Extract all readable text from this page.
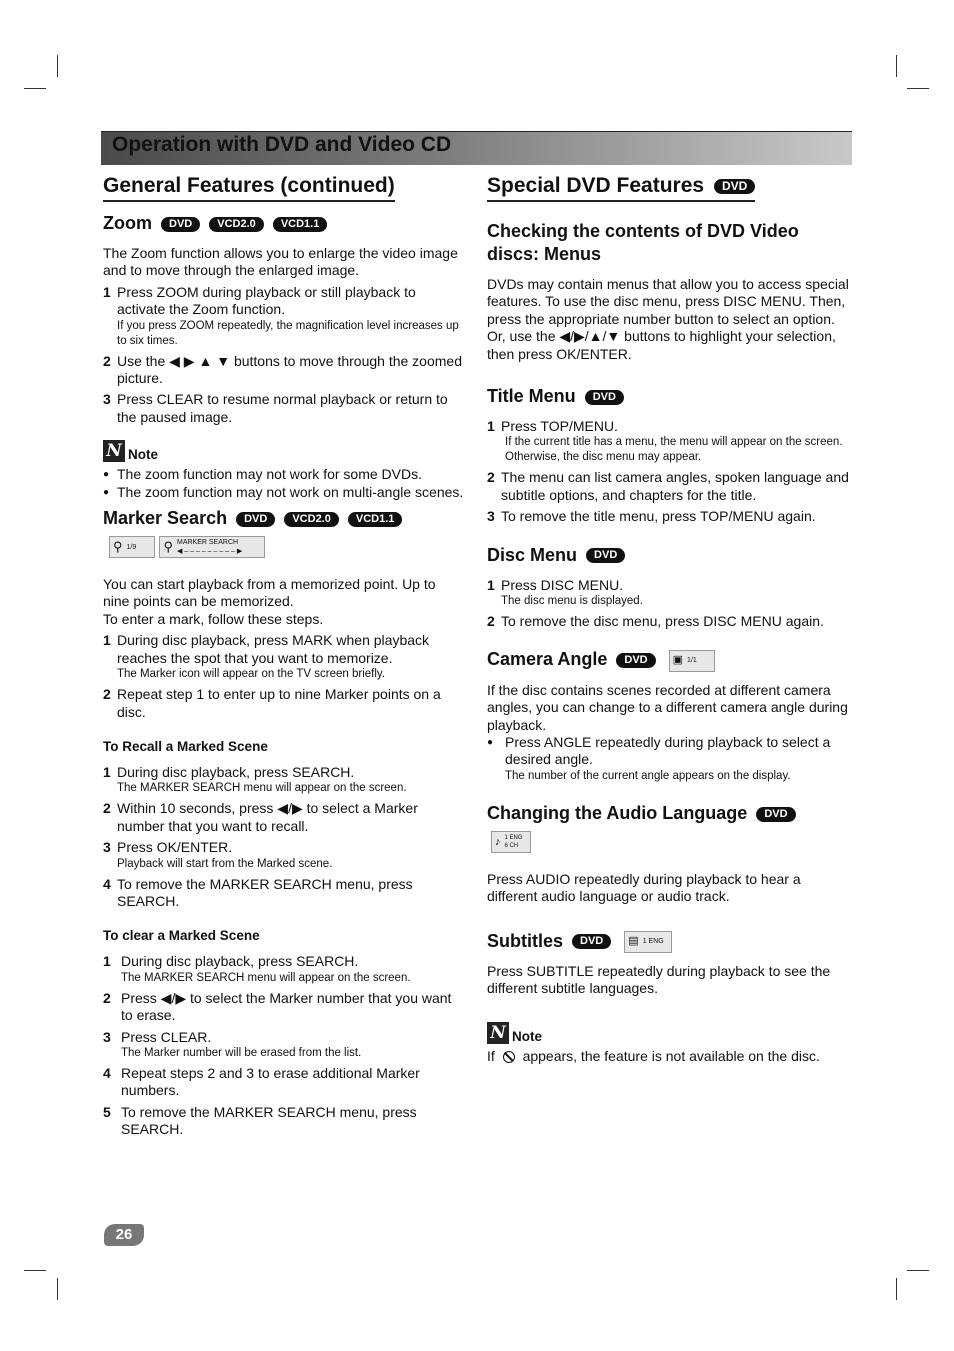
Operation with DVD and Video CD
General Features (continued)
Zoom DVD VCD2.0 VCD1.1

The Zoom function allows you to enlarge the video image and to move through the enlarged image.

1 Press ZOOM during playback or still playback to activate the Zoom function.
If you press ZOOM repeatedly, the magnification level increases up to six times.
2 Use the ◀ ▶ ▲ ▼ buttons to move through the zoomed picture.
3 Press CLEAR to resume normal playback or return to the paused image.
N Note
● The zoom function may not work for some DVDs.
● The zoom function may not work on multi-angle scenes.
Marker Search DVD VCD2.0 VCD1.1
⚲ 1/9
⚲ MARKER SEARCH
◀ – – – – – – – – – ▶

You can start playback from a memorized point. Up to nine points can be memorized.

To enter a mark, follow these steps.

1 During disc playback, press MARK when playback reaches the spot that you want to memorize.
The Marker icon will appear on the TV screen briefly.
2 Repeat step 1 to enter up to nine Marker points on a disc.
To Recall a Marked Scene
1 During disc playback, press SEARCH.
The MARKER SEARCH menu will appear on the screen.
2 Within 10 seconds, press ◀/▶ to select a Marker number that you want to recall.
3 Press OK/ENTER.
Playback will start from the Marked scene.
4 To remove the MARKER SEARCH menu, press SEARCH.
To clear a Marked Scene
1 During disc playback, press SEARCH.
The MARKER SEARCH menu will appear on the screen.
2 Press ◀/▶ to select the Marker number that you want to erase.
3 Press CLEAR.
The Marker number will be erased from the list.
4 Repeat steps 2 and 3 to erase additional Marker numbers.
5 To remove the MARKER SEARCH menu, press SEARCH.
Special DVD Features DVD
Checking the contents of DVD Video discs: Menus

DVDs may contain menus that allow you to access special features. To use the disc menu, press DISC MENU. Then, press the appropriate number button to select an option. Or, use the ◀/▶/▲/▼ buttons to highlight your selection, then press OK/ENTER.

Title Menu DVD
1 Press TOP/MENU.
If the current title has a menu, the menu will appear on the screen. Otherwise, the disc menu may appear.
2 The menu can list camera angles, spoken language and subtitle options, and chapters for the title.
3 To remove the title menu, press TOP/MENU again.
Disc Menu DVD
1 Press DISC MENU.
The disc menu is displayed.
2 To remove the disc menu, press DISC MENU again.
Camera Angle DVD ▣ 1/1

If the disc contains scenes recorded at different camera angles, you can change to a different camera angle during playback.

● Press ANGLE repeatedly during playback to select a desired angle.
The number of the current angle appears on the display.
Changing the Audio Language DVD
♪ 1 ENG
6 CH

Press AUDIO repeatedly during playback to hear a different audio language or audio track.

Subtitles DVD ▤ 1 ENG

Press SUBTITLE repeatedly during playback to see the different subtitle languages.

N Note

If appears, the feature is not available on the disc.

26
